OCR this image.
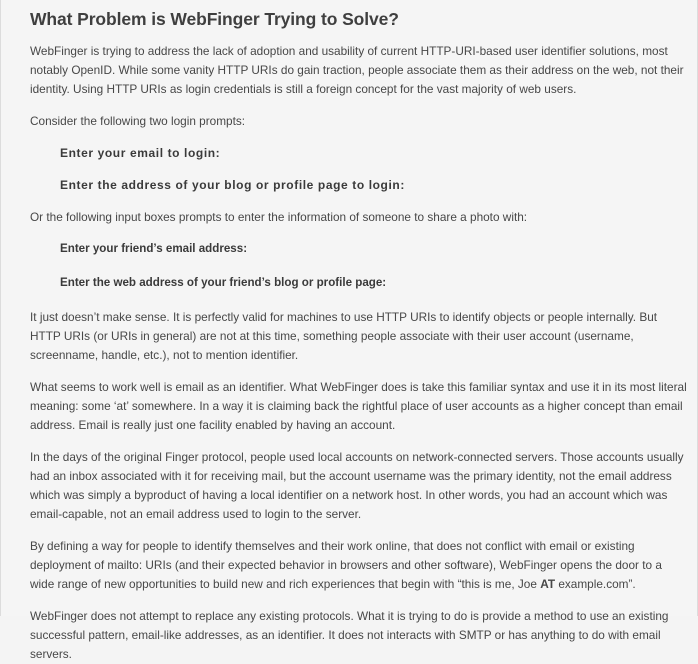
What Problem is WebFinger Trying to Solve?

WebFinger is trying to address the lack of adoption and usability of current HTTP-URI-based user identifier solutions, most notably OpenID. While some vanity HTTP URIs do gain traction, people associate them as their address on the web, not their identity. Using HTTP URIs as login credentials is still a foreign concept for the vast majority of web users.

Consider the following two login prompts:

Enter your email to login:
Enter the address of your blog or profile page to login:

Or the following input boxes prompts to enter the information of someone to share a photo with:

Enter your friend’s email address:
Enter the web address of your friend’s blog or profile page:

It just doesn’t make sense. It is perfectly valid for machines to use HTTP URIs to identify objects or people internally. But HTTP URIs (or URIs in general) are not at this time, something people associate with their user account (username, screenname, handle, etc.), not to mention identifier.

What seems to work well is email as an identifier. What WebFinger does is take this familiar syntax and use it in its most literal meaning: some ‘at’ somewhere. In a way it is claiming back the rightful place of user accounts as a higher concept than email address. Email is really just one facility enabled by having an account.

In the days of the original Finger protocol, people used local accounts on network-connected servers. Those accounts usually had an inbox associated with it for receiving mail, but the account username was the primary identity, not the email address which was simply a byproduct of having a local identifier on a network host. In other words, you had an account which was email-capable, not an email address used to login to the server.

By defining a way for people to identify themselves and their work online, that does not conflict with email or existing deployment of mailto: URIs (and their expected behavior in browsers and other software), WebFinger opens the door to a wide range of new opportunities to build new and rich experiences that begin with “this is me, Joe AT example.com”.

WebFinger does not attempt to replace any existing protocols. What it is trying to do is provide a method to use an existing successful pattern, email-like addresses, as an identifier. It does not interacts with SMTP or has anything to do with email servers.
